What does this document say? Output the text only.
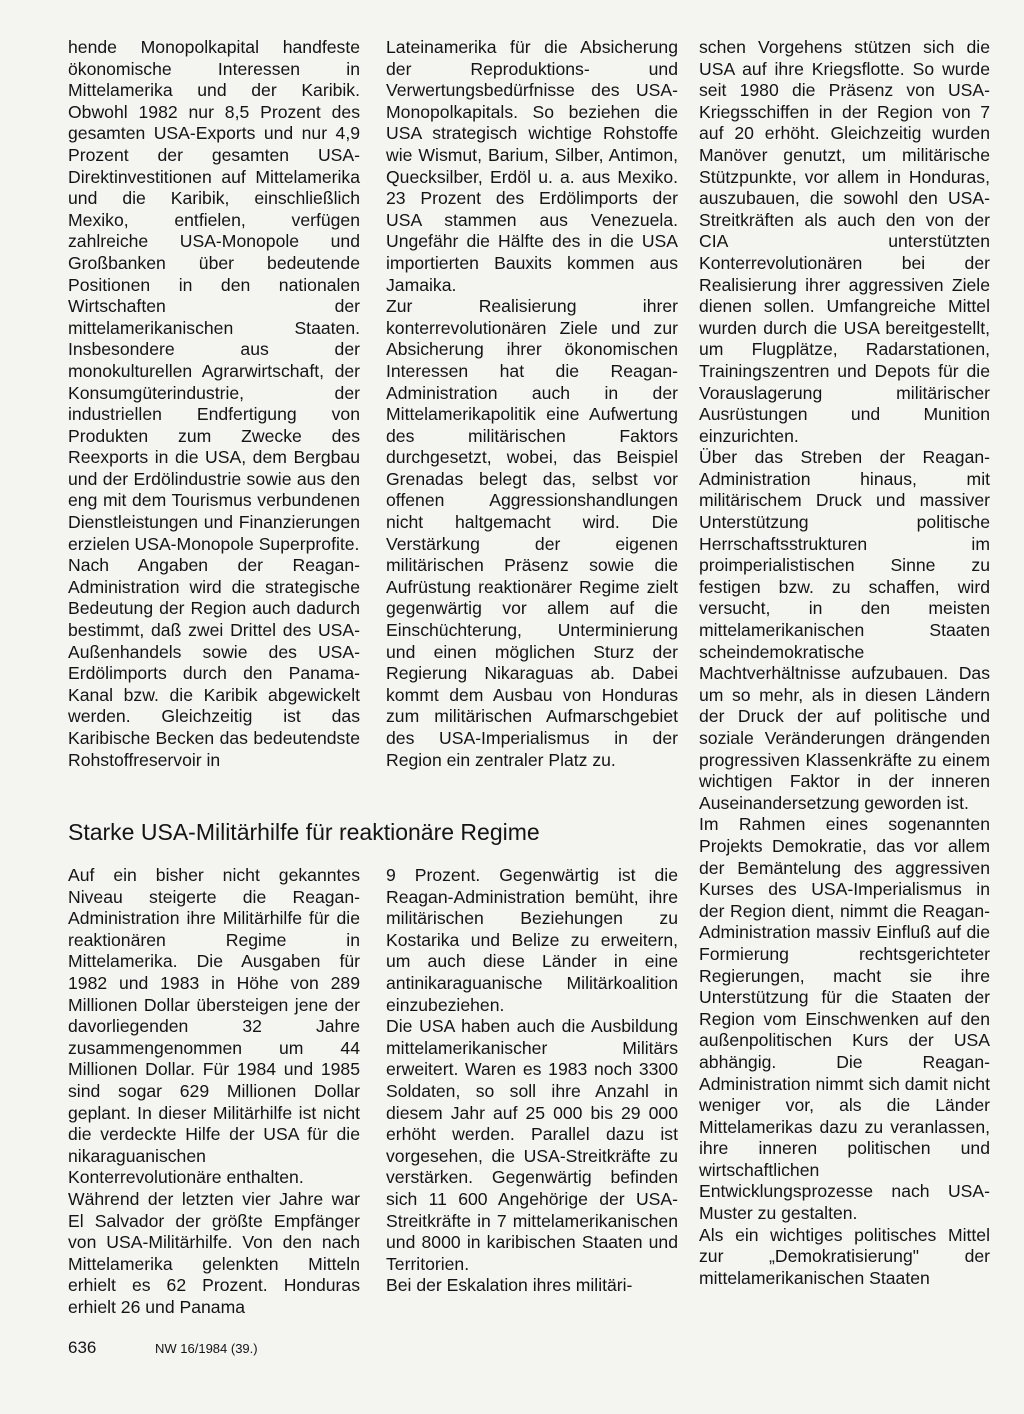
hende Monopolkapital handfeste ökonomische Interessen in Mittelamerika und der Karibik. Obwohl 1982 nur 8,5 Prozent des gesamten USA-Exports und nur 4,9 Prozent der gesamten USA-Direktinvestitionen auf Mittelamerika und die Karibik, einschließlich Mexiko, entfielen, verfügen zahlreiche USA-Monopole und Großbanken über bedeutende Positionen in den nationalen Wirtschaften der mittelamerikanischen Staaten. Insbesondere aus der monokulturellen Agrarwirtschaft, der Konsumgüterindustrie, der industriellen Endfertigung von Produkten zum Zwecke des Reexports in die USA, dem Bergbau und der Erdölindustrie sowie aus den eng mit dem Tourismus verbundenen Dienstleistungen und Finanzierungen erzielen USA-Monopole Superprofite.

Nach Angaben der Reagan-Administration wird die strategische Bedeutung der Region auch dadurch bestimmt, daß zwei Drittel des USA-Außenhandels sowie des USA-Erdölimports durch den Panama-Kanal bzw. die Karibik abgewickelt werden. Gleichzeitig ist das Karibische Becken das bedeutendste Rohstoffreservoir in

Lateinamerika für die Absicherung der Reproduktions- und Verwertungsbedürfnisse des USA-Monopolkapitals. So beziehen die USA strategisch wichtige Rohstoffe wie Wismut, Barium, Silber, Antimon, Quecksilber, Erdöl u. a. aus Mexiko. 23 Prozent des Erdölimports der USA stammen aus Venezuela. Ungefähr die Hälfte des in die USA importierten Bauxits kommen aus Jamaika.

Zur Realisierung ihrer konterrevolutionären Ziele und zur Absicherung ihrer ökonomischen Interessen hat die Reagan-Administration auch in der Mittelamerikapolitik eine Aufwertung des militärischen Faktors durchgesetzt, wobei, das Beispiel Grenadas belegt das, selbst vor offenen Aggressionshandlungen nicht haltgemacht wird. Die Verstärkung der eigenen militärischen Präsenz sowie die Aufrüstung reaktionärer Regime zielt gegenwärtig vor allem auf die Einschüchterung, Unterminierung und einen möglichen Sturz der Regierung Nikaraguas ab. Dabei kommt dem Ausbau von Honduras zum militärischen Aufmarschgebiet des USA-Imperialismus in der Region ein zentraler Platz zu.

schen Vorgehens stützen sich die USA auf ihre Kriegsflotte. So wurde seit 1980 die Präsenz von USA-Kriegsschiffen in der Region von 7 auf 20 erhöht. Gleichzeitig wurden Manöver genutzt, um militärische Stützpunkte, vor allem in Honduras, auszubauen, die sowohl den USA-Streitkräften als auch den von der CIA unterstützten Konterrevolutionären bei der Realisierung ihrer aggressiven Ziele dienen sollen. Umfangreiche Mittel wurden durch die USA bereitgestellt, um Flugplätze, Radarstationen, Trainingszentren und Depots für die Vorauslagerung militärischer Ausrüstungen und Munition einzurichten.

Über das Streben der Reagan-Administration hinaus, mit militärischem Druck und massiver Unterstützung politische Herrschaftsstrukturen im proimperialistischen Sinne zu festigen bzw. zu schaffen, wird versucht, in den meisten mittelamerikanischen Staaten scheindemokratische Machtverhältnisse aufzubauen. Das um so mehr, als in diesen Ländern der Druck der auf politische und soziale Veränderungen drängenden progressiven Klassenkräfte zu einem wichtigen Faktor in der inneren Auseinandersetzung geworden ist.

Im Rahmen eines sogenannten Projekts Demokratie, das vor allem der Bemäntelung des aggressiven Kurses des USA-Imperialismus in der Region dient, nimmt die Reagan-Administration massiv Einfluß auf die Formierung rechtsgerichteter Regierungen, macht sie ihre Unterstützung für die Staaten der Region vom Einschwenken auf den außenpolitischen Kurs der USA abhängig. Die Reagan-Administration nimmt sich damit nicht weniger vor, als die Länder Mittelamerikas dazu zu veranlassen, ihre inneren politischen und wirtschaftlichen Entwicklungsprozesse nach USA-Muster zu gestalten.

Als ein wichtiges politisches Mittel zur „Demokratisierung" der mittelamerikanischen Staaten

Starke USA-Militärhilfe für reaktionäre Regime

Auf ein bisher nicht gekanntes Niveau steigerte die Reagan-Administration ihre Militärhilfe für die reaktionären Regime in Mittelamerika. Die Ausgaben für 1982 und 1983 in Höhe von 289 Millionen Dollar übersteigen jene der davorliegenden 32 Jahre zusammengenommen um 44 Millionen Dollar. Für 1984 und 1985 sind sogar 629 Millionen Dollar geplant. In dieser Militärhilfe ist nicht die verdeckte Hilfe der USA für die nikaraguanischen Konterrevolutionäre enthalten.

Während der letzten vier Jahre war El Salvador der größte Empfänger von USA-Militärhilfe. Von den nach Mittelamerika gelenkten Mitteln erhielt es 62 Prozent. Honduras erhielt 26 und Panama

9 Prozent. Gegenwärtig ist die Reagan-Administration bemüht, ihre militärischen Beziehungen zu Kostarika und Belize zu erweitern, um auch diese Länder in eine antinikaraguanische Militärkoalition einzubeziehen.

Die USA haben auch die Ausbildung mittelamerikanischer Militärs erweitert. Waren es 1983 noch 3300 Soldaten, so soll ihre Anzahl in diesem Jahr auf 25 000 bis 29 000 erhöht werden. Parallel dazu ist vorgesehen, die USA-Streitkräfte zu verstärken. Gegenwärtig befinden sich 11 600 Angehörige der USA-Streitkräfte in 7 mittelamerikanischen und 8000 in karibischen Staaten und Territorien.

Bei der Eskalation ihres militäri-

636	NW 16/1984 (39.)
